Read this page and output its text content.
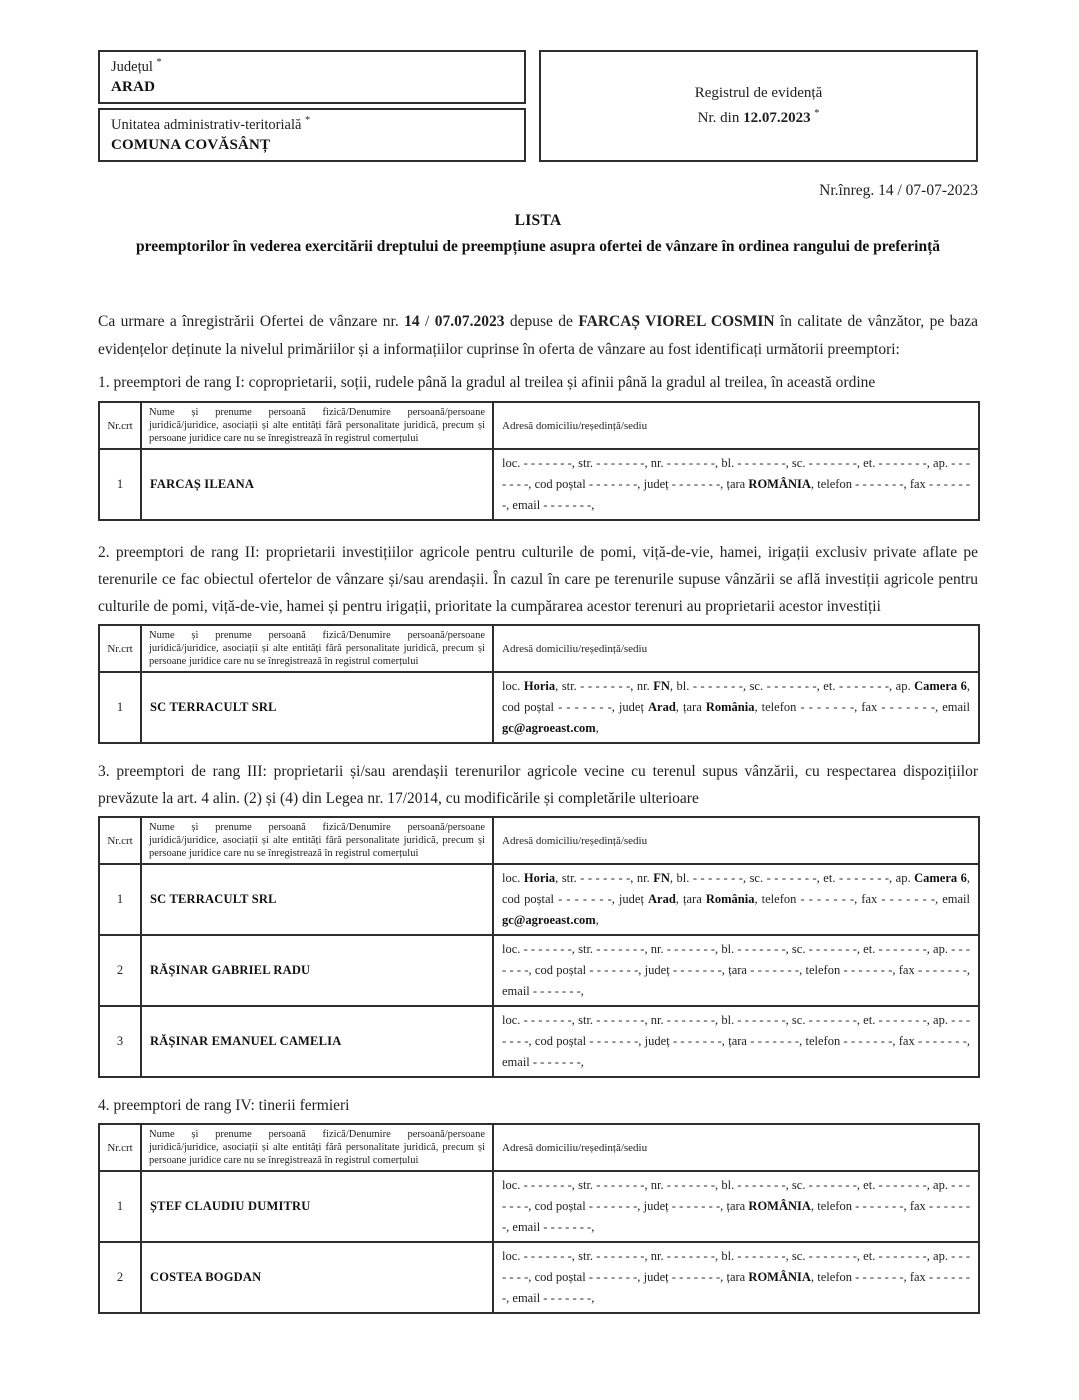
Județul *
ARAD
Unitatea administrativ-teritorială *
COMUNA COVĂSÂNȚ
Registrul de evidență
Nr. din 12.07.2023 *
Nr.înreg. 14 / 07-07-2023
LISTA
preemptorilor în vederea exercitării dreptului de preempțiune asupra ofertei de vânzare în ordinea rangului de preferință
Ca urmare a înregistrării Ofertei de vânzare nr. 14 / 07.07.2023 depuse de FARCAȘ VIOREL COSMIN în calitate de vânzător, pe baza evidențelor deținute la nivelul primăriilor și a informațiilor cuprinse în oferta de vânzare au fost identificați următorii preemptori:
1. preemptori de rang I: coproprietarii, soții, rudele până la gradul al treilea și afinii până la gradul al treilea, în această ordine
Nr.crt	Nume și prenume persoană fizică/Denumire persoană/persoane juridică/juridice, asociații și alte entități fără personalitate juridică, precum și persoane juridice care nu se înregistrează în registrul comerțului	Adresă domiciliu/reședință/sediu
1	FARCAȘ ILEANA	loc. - - - - - - -, str. - - - - - - -, nr. - - - - - - -, bl. - - - - - - -, sc. - - - - - - -, et. - - - - - - -, ap. - - - - - - -, cod poștal - - - - - - -, județ - - - - - - -, țara ROMÂNIA, telefon - - - - - - -, fax - - - - - - -, email - - - - - - -,
2. preemptori de rang II: proprietarii investițiilor agricole pentru culturile de pomi, viță-de-vie, hamei, irigații exclusiv private aflate pe terenurile ce fac obiectul ofertelor de vânzare și/sau arendașii. În cazul în care pe terenurile supuse vânzării se află investiții agricole pentru culturile de pomi, viță-de-vie, hamei și pentru irigații, prioritate la cumpărarea acestor terenuri au proprietarii acestor investiții
Nr.crt	Nume și prenume persoană fizică/Denumire persoană/persoane juridică/juridice, asociații și alte entități fără personalitate juridică, precum și persoane juridice care nu se înregistrează în registrul comerțului	Adresă domiciliu/reședință/sediu
1	SC TERRACULT SRL	loc. Horia, str. - - - - - - -, nr. FN, bl. - - - - - - -, sc. - - - - - - -, et. - - - - - - -, ap. Camera 6, cod poștal - - - - - - -, județ Arad, țara România, telefon - - - - - - -, fax - - - - - - -, email gc@agroeast.com,
3. preemptori de rang III: proprietarii și/sau arendașii terenurilor agricole vecine cu terenul supus vânzării, cu respectarea dispozițiilor prevăzute la art. 4 alin. (2) și (4) din Legea nr. 17/2014, cu modificările și completările ulterioare
Nr.crt	Nume și prenume persoană fizică/Denumire persoană/persoane juridică/juridice, asociații și alte entități fără personalitate juridică, precum și persoane juridice care nu se înregistrează în registrul comerțului	Adresă domiciliu/reședință/sediu
1	SC TERRACULT SRL	loc. Horia, str. - - - - - - -, nr. FN, bl. - - - - - - -, sc. - - - - - - -, et. - - - - - - -, ap. Camera 6, cod poștal - - - - - - -, județ Arad, țara România, telefon - - - - - - -, fax - - - - - - -, email gc@agroeast.com,
2	RĂȘINAR GABRIEL RADU	loc. - - - - - - -, str. - - - - - - -, nr. - - - - - - -, bl. - - - - - - -, sc. - - - - - - -, et. - - - - - - -, ap. - - - - - - -, cod poștal - - - - - - -, județ - - - - - - -, țara - - - - - - -, telefon - - - - - - -, fax - - - - - - -, email - - - - - - -,
3	RĂȘINAR EMANUEL CAMELIA	loc. - - - - - - -, str. - - - - - - -, nr. - - - - - - -, bl. - - - - - - -, sc. - - - - - - -, et. - - - - - - -, ap. - - - - - - -, cod poștal - - - - - - -, județ - - - - - - -, țara - - - - - - -, telefon - - - - - - -, fax - - - - - - -, email - - - - - - -,
4. preemptori de rang IV: tinerii fermieri
Nr.crt	Nume și prenume persoană fizică/Denumire persoană/persoane juridică/juridice, asociații și alte entități fără personalitate juridică, precum și persoane juridice care nu se înregistrează în registrul comerțului	Adresă domiciliu/reședință/sediu
1	ȘTEF CLAUDIU DUMITRU	loc. - - - - - - -, str. - - - - - - -, nr. - - - - - - -, bl. - - - - - - -, sc. - - - - - - -, et. - - - - - - -, ap. - - - - - - -, cod poștal - - - - - - -, județ - - - - - - -, țara ROMÂNIA, telefon - - - - - - -, fax - - - - - - -, email - - - - - - -,
2	COSTEA BOGDAN	loc. - - - - - - -, str. - - - - - - -, nr. - - - - - - -, bl. - - - - - - -, sc. - - - - - - -, et. - - - - - - -, ap. - - - - - - -, cod poștal - - - - - - -, județ - - - - - - -, țara ROMÂNIA, telefon - - - - - - -, fax - - - - - - -, email - - - - - - -,
